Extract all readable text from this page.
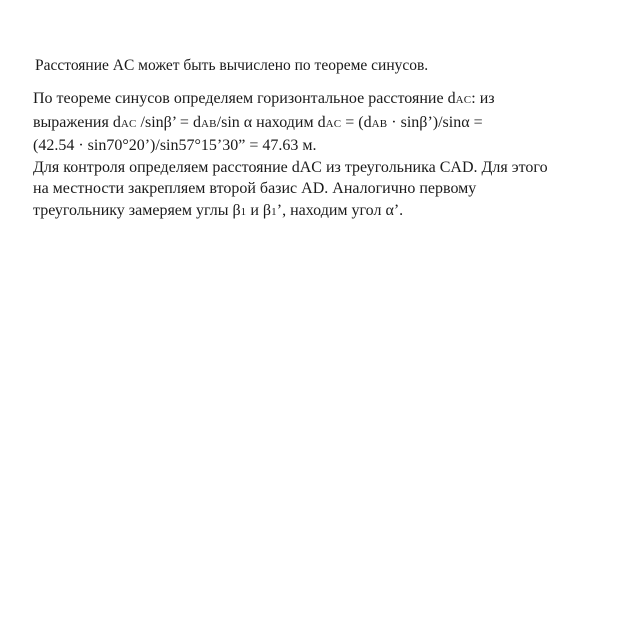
Расстояние AC может быть вычислено по теореме синусов.
По теореме синусов определяем горизонтальное расстояние dAC: из
выражения dAC /sinβ’ = dAB/sin α находим dAC = (dAB · sinβ’)/sinα =
(42.54 · sin70°20’)/sin57°15’30” = 47.63 м.
Для контроля определяем расстояние dAC из треугольника CAD. Для этого
на местности закрепляем второй базис AD. Аналогично первому
треугольнику замеряем углы β1 и β1’, находим угол α’.
